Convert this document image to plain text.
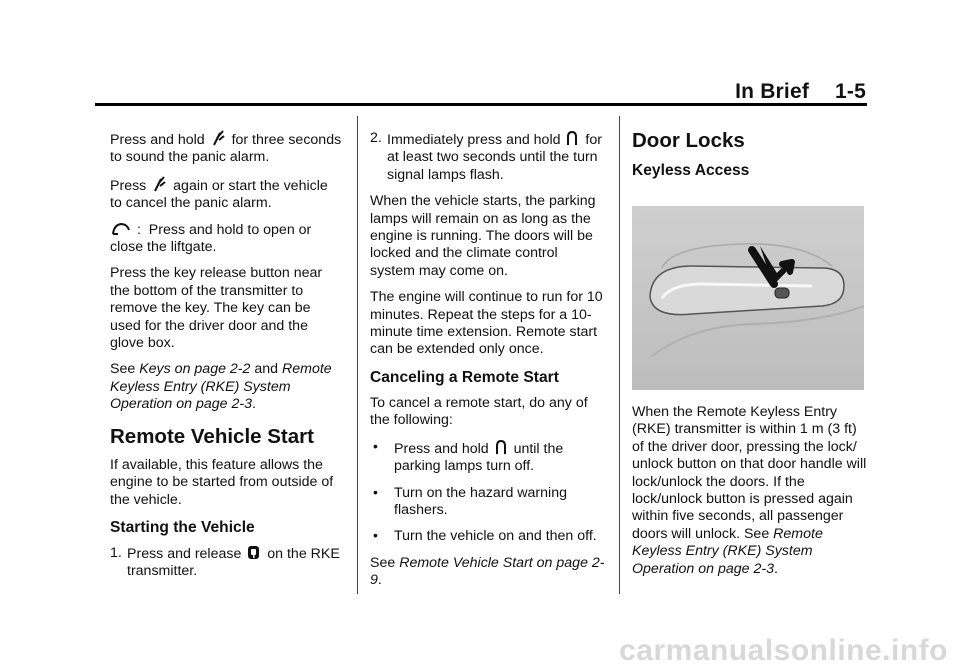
In Brief 1-5

Press and hold for three seconds to sound the panic alarm.

Press again or start the vehicle to cancel the panic alarm.

: Press and hold to open or close the liftgate.

Press the key release button near the bottom of the transmitter to remove the key. The key can be used for the driver door and the glove box.

See Keys on page 2-2 and Remote Keyless Entry (RKE) System Operation on page 2-3.

Remote Vehicle Start

If available, this feature allows the engine to be started from outside of the vehicle.

Starting the Vehicle
1. Press and release on the RKE transmitter.
2. Immediately press and hold for at least two seconds until the turn signal lamps flash.

When the vehicle starts, the parking lamps will remain on as long as the engine is running. The doors will be locked and the climate control system may come on.

The engine will continue to run for 10 minutes. Repeat the steps for a 10-minute time extension. Remote start can be extended only once.

Canceling a Remote Start

To cancel a remote start, do any of the following:

• Press and hold until the parking lamps turn off.
• Turn on the hazard warning flashers.
• Turn the vehicle on and then off.

See Remote Vehicle Start on page 2-9.

Door Locks
Keyless Access

When the Remote Keyless Entry (RKE) transmitter is within 1 m (3 ft) of the driver door, pressing the lock/ unlock button on that door handle will lock/unlock the doors. If the lock/unlock button is pressed again within five seconds, all passenger doors will unlock. See Remote Keyless Entry (RKE) System Operation on page 2-3.

carmanualsonline.info
